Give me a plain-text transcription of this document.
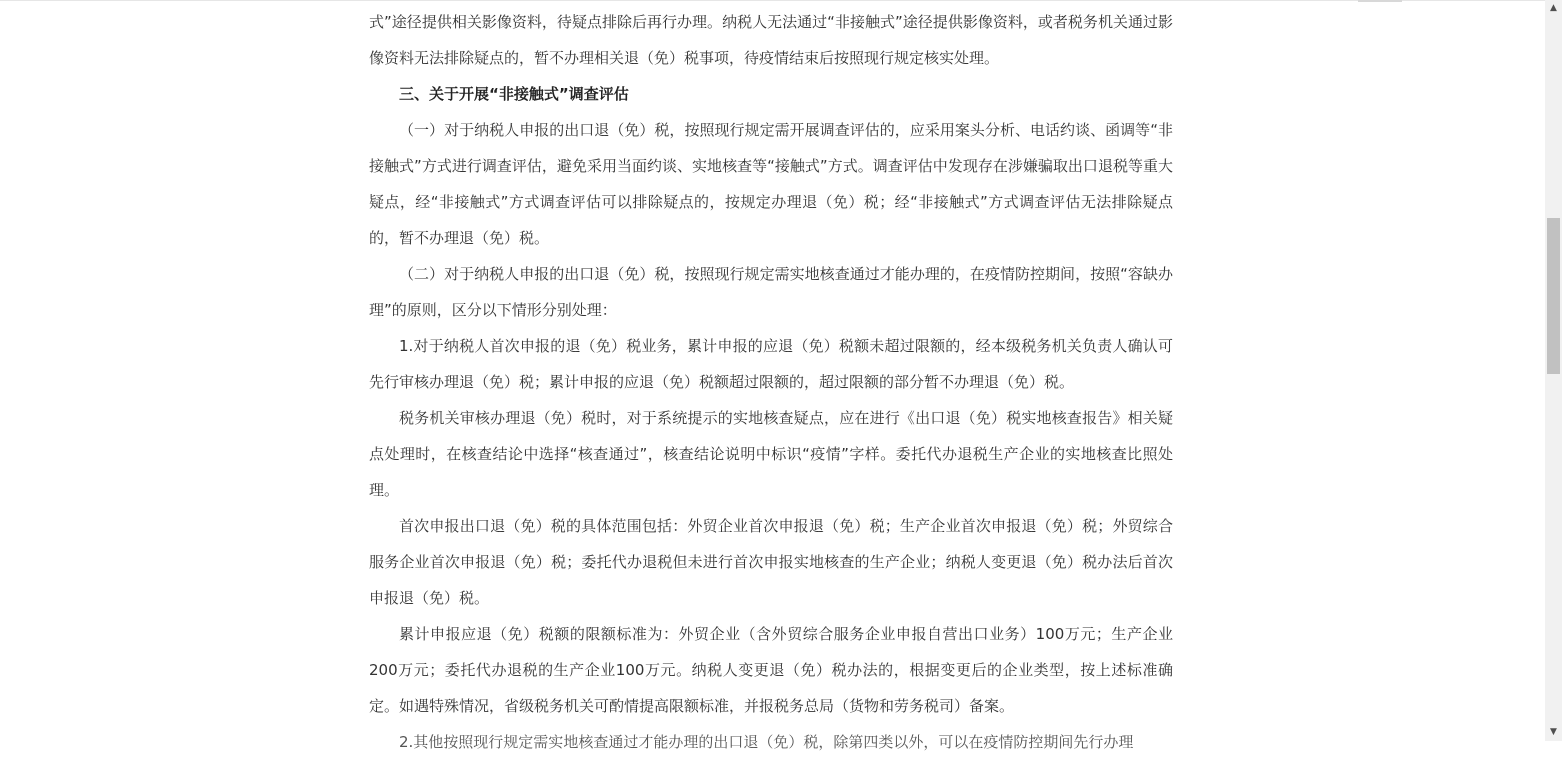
式”途径提供相关影像资料，待疑点排除后再行办理。纳税人无法通过“非接触式”途径提供影像资料，或者税务机关通过影像资料无法排除疑点的，暂不办理相关退（免）税事项，待疫情结束后按照现行规定核实处理。

三、关于开展“非接触式”调查评估

（一）对于纳税人申报的出口退（免）税，按照现行规定需开展调查评估的，应采用案头分析、电话约谈、函调等“非接触式”方式进行调查评估，避免采用当面约谈、实地核查等“接触式”方式。调查评估中发现存在涉嫌骗取出口退税等重大疑点，经“非接触式”方式调查评估可以排除疑点的，按规定办理退（免）税；经“非接触式”方式调查评估无法排除疑点的，暂不办理退（免）税。

（二）对于纳税人申报的出口退（免）税，按照现行规定需实地核查通过才能办理的，在疫情防控期间，按照“容缺办理”的原则，区分以下情形分别处理：

1.对于纳税人首次申报的退（免）税业务，累计申报的应退（免）税额未超过限额的，经本级税务机关负责人确认可先行审核办理退（免）税；累计申报的应退（免）税额超过限额的，超过限额的部分暂不办理退（免）税。

税务机关审核办理退（免）税时，对于系统提示的实地核查疑点，应在进行《出口退（免）税实地核查报告》相关疑点处理时，在核查结论中选择“核查通过”，核查结论说明中标识“疫情”字样。委托代办退税生产企业的实地核查比照处理。

首次申报出口退（免）税的具体范围包括：外贸企业首次申报退（免）税；生产企业首次申报退（免）税；外贸综合服务企业首次申报退（免）税；委托代办退税但未进行首次申报实地核查的生产企业；纳税人变更退（免）税办法后首次申报退（免）税。

累计申报应退（免）税额的限额标准为：外贸企业（含外贸综合服务企业申报自营出口业务）100万元；生产企业200万元；委托代办退税的生产企业100万元。纳税人变更退（免）税办法的，根据变更后的企业类型，按上述标准确定。如遇特殊情况，省级税务机关可酌情提高限额标准，并报税务总局（货物和劳务税司）备案。

2.其他按照现行规定需实地核查通过才能办理的出口退（免）税，除第四类以外，可以在疫情防控期间先行办理

▲
▼
